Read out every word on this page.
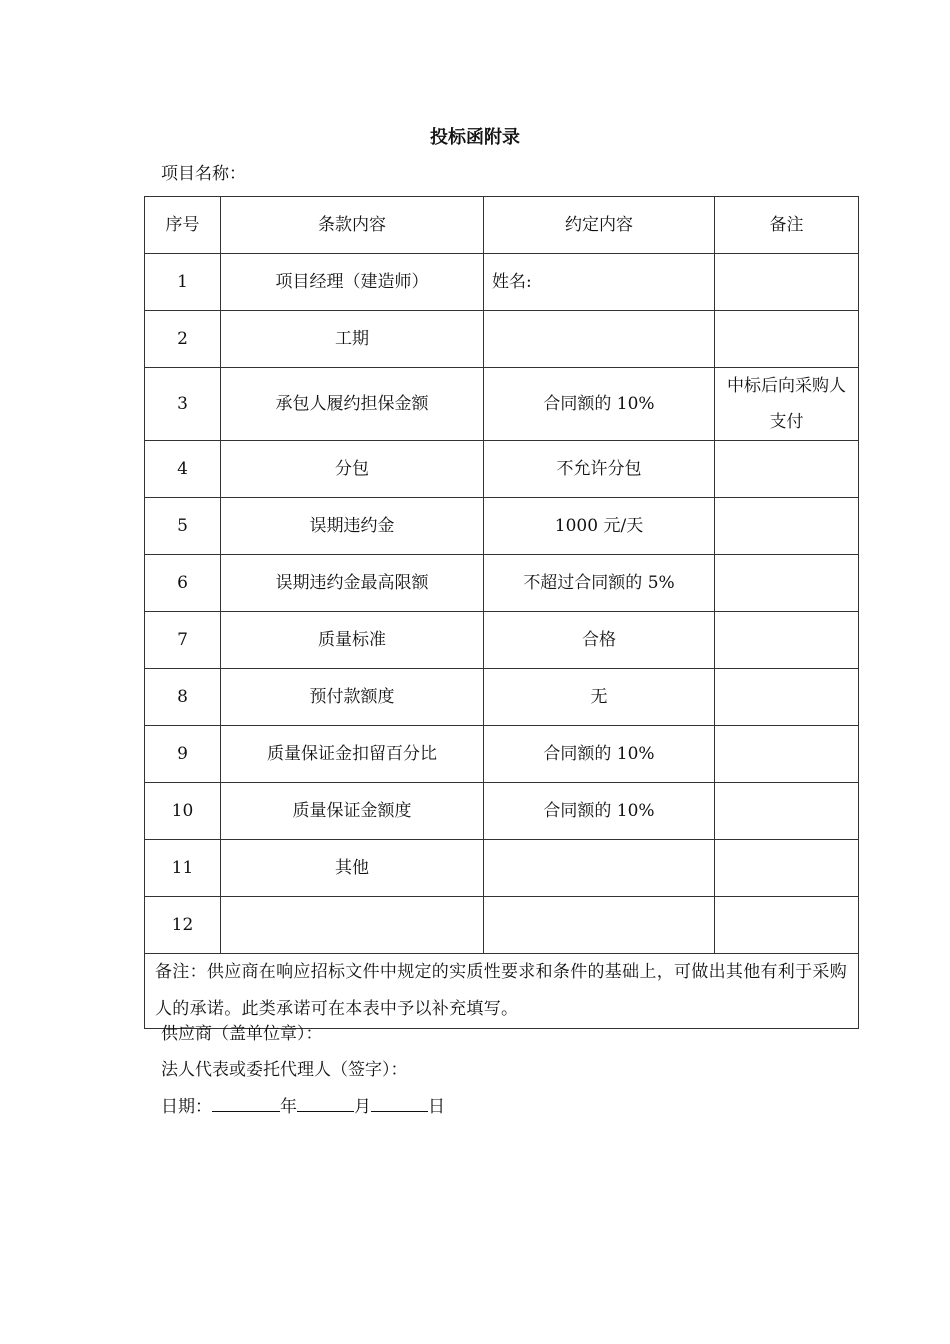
投标函附录
项目名称：
序号	条款内容	约定内容	备注
1	项目经理（建造师）	姓名:	
2	工期		
3	承包人履约担保金额	合同额的 10%	中标后向采购人支付
4	分包	不允许分包	
5	误期违约金	1000 元/天	
6	误期违约金最高限额	不超过合同额的 5%	
7	质量标准	合格	
8	预付款额度	无	
9	质量保证金扣留百分比	合同额的 10%	
10	质量保证金额度	合同额的 10%	
11	其他		
12			
备注：供应商在响应招标文件中规定的实质性要求和条件的基础上，可做出其他有利于采购人的承诺。此类承诺可在本表中予以补充填写。			
供应商（盖单位章）：
法人代表或委托代理人（签字）：
日期：	年	月	日
